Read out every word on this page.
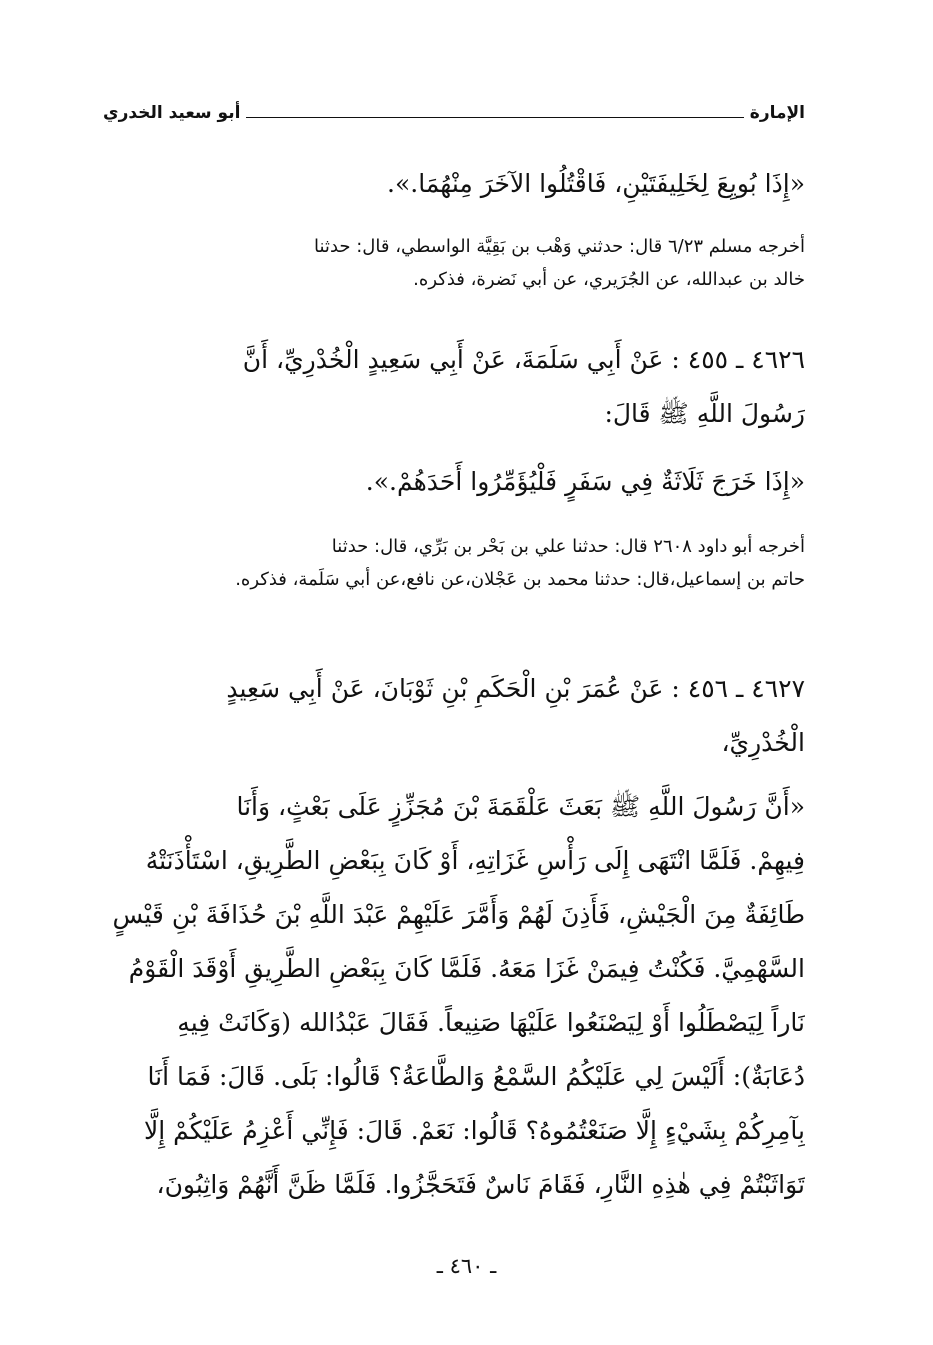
الإمارة
أبو سعيد الخدري
«إِذَا بُويِعَ لِخَلِيفَتَيْنِ، فَاقْتُلُوا الآخَرَ مِنْهُمَا.».
أخرجه مسلم ٦/٢٣ قال: حدثني وَهْب بن بَقِيَّة الواسطي، قال: حدثنا
خالد بن عبدالله، عن الجُرَيري، عن أبي نَضرة، فذكره.
٤٦٢٦ ـ ٤٥٥ : عَنْ أَبِي سَلَمَةَ، عَنْ أَبِي سَعِيدٍ الْخُدْرِيِّ، أَنَّ
رَسُولَ اللَّهِ ﷺ قَالَ:
«إِذَا خَرَجَ ثَلَاثَةٌ فِي سَفَرٍ فَلْيُؤَمِّرُوا أَحَدَهُمْ.».
أخرجه أبو داود ٢٦٠٨ قال: حدثنا علي بن بَحْر بن بَرِّي، قال: حدثنا
حاتم بن إسماعيل،قال: حدثنا محمد بن عَجْلان،عن نافع،عن أبي سَلَمة، فذكره.
٤٦٢٧ ـ ٤٥٦ : عَنْ عُمَرَ بْنِ الْحَكَمِ بْنِ ثَوْبَانَ، عَنْ أَبِي سَعِيدٍ
الْخُدْرِيِّ،
«أَنَّ رَسُولَ اللَّهِ ﷺ بَعَثَ عَلْقَمَةَ بْنَ مُجَزِّزٍ عَلَى بَعْثٍ، وَأَنَا
فِيهِمْ. فَلَمَّا انْتَهَى إِلَى رَأْسِ غَزَاتِهِ، أَوْ كَانَ بِبَعْضِ الطَّرِيقِ، اسْتَأْذَنَتْهُ
طَائِفَةٌ مِنَ الْجَيْشِ، فَأَذِنَ لَهُمْ وَأَمَّرَ عَلَيْهِمْ عَبْدَ اللَّهِ بْنَ حُذَافَةَ بْنِ قَيْسٍ
السَّهْمِيَّ. فَكُنْتُ فِيمَنْ غَزَا مَعَهُ. فَلَمَّا كَانَ بِبَعْضِ الطَّرِيقِ أَوْقَدَ الْقَوْمُ
نَاراً لِيَصْطَلُوا أَوْ لِيَصْنَعُوا عَلَيْهَا صَنِيعاً. فَقَالَ عَبْدُالله (وَكَانَتْ فِيهِ
دُعَابَةٌ): أَلَيْسَ لِي عَلَيْكُمُ السَّمْعُ وَالطَّاعَةُ؟ قَالُوا: بَلَى. قَالَ: فَمَا أَنَا
بِآمِرِكُمْ بِشَيْءٍ إِلَّا صَنَعْتُمُوهُ؟ قَالُوا: نَعَمْ. قَالَ: فَإِنِّي أَعْزِمُ عَلَيْكُمْ إِلَّا
تَوَاثَبْتُمْ فِي هٰذِهِ النَّارِ، فَقَامَ نَاسٌ فَتَحَجَّزُوا. فَلَمَّا ظَنَّ أَنَّهُمْ وَاثِبُونَ،
ـ ٤٦٠ ـ
